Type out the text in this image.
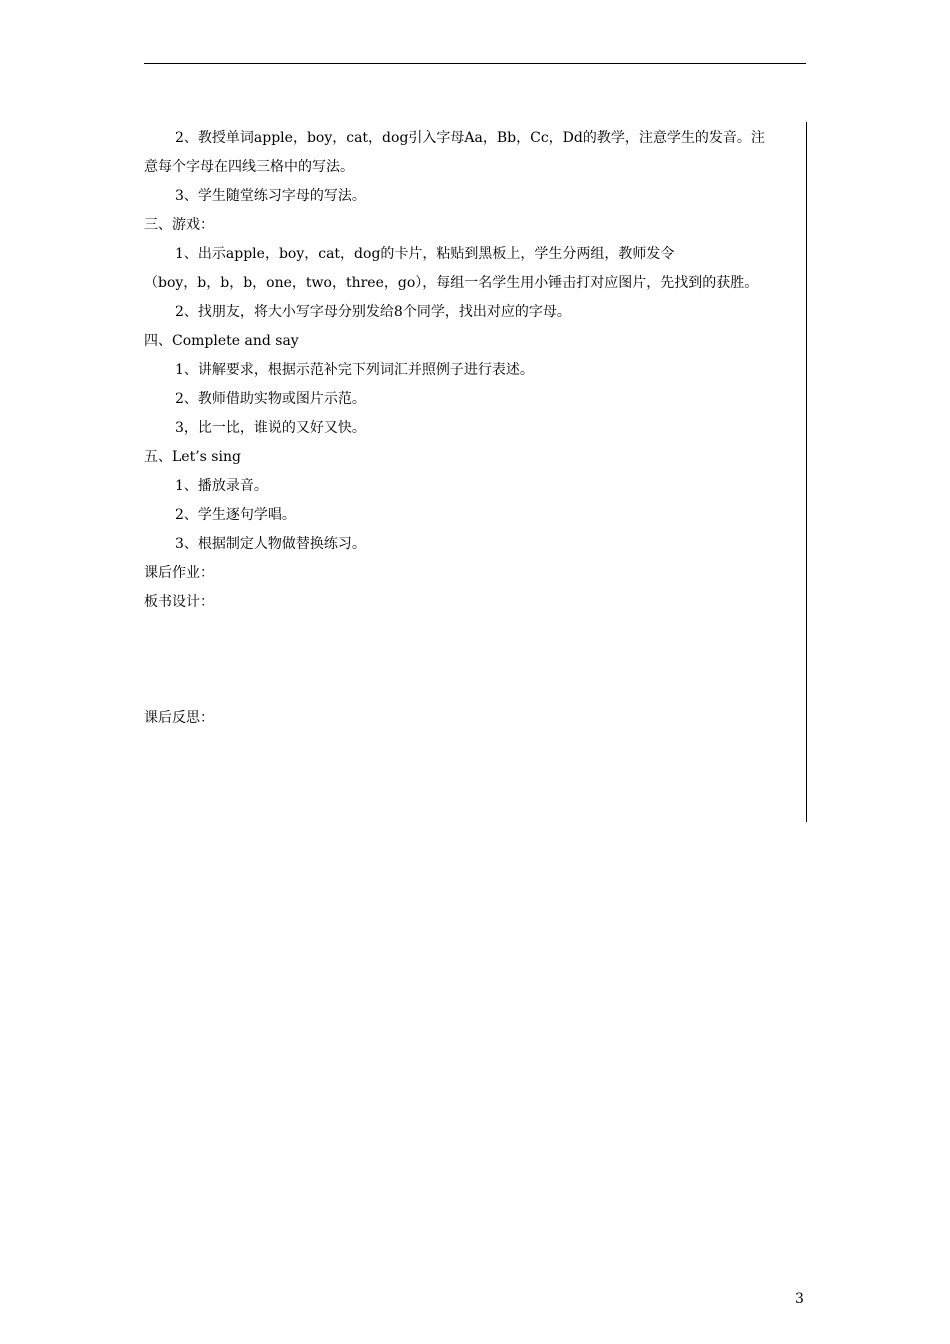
2、教授单词apple，boy，cat，dog引入字母Aa，Bb，Cc，Dd的教学，注意学生的发音。注
意每个字母在四线三格中的写法。
3、学生随堂练习字母的写法。
三、游戏：
1、出示apple，boy，cat，dog的卡片，粘贴到黑板上，学生分两组，教师发令
（boy，b，b，b，one，two，three，go），每组一名学生用小锤击打对应图片，先找到的获胜。
2、找朋友，将大小写字母分别发给8个同学，找出对应的字母。
四、Complete and say
1、讲解要求，根据示范补完下列词汇并照例子进行表述。
2、教师借助实物或图片示范。
3，比一比，谁说的又好又快。
五、Let’s sing
1、播放录音。
2、学生逐句学唱。
3、根据制定人物做替换练习。
课后作业：
板书设计：
课后反思：
3
